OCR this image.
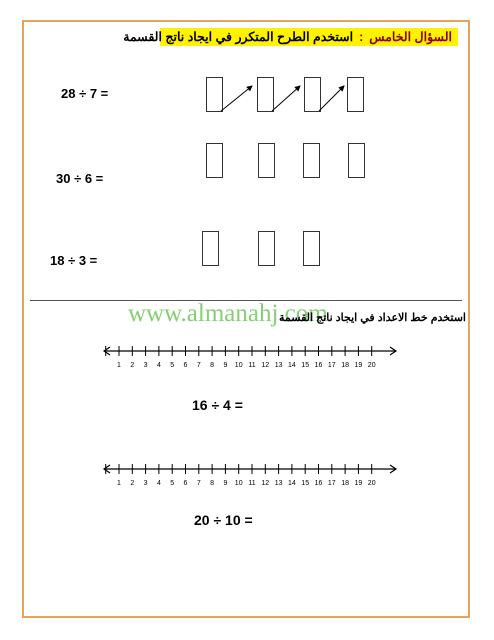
السؤال الخامس:استخدم الطرح المتكرر في ايجاد ناتج القسمة
28 ÷ 7 =
30 ÷ 6 =
18 ÷ 3 =
www.almanahj.com
استخدم خط الاعداد في ايجاد ناتج القسمة
1 2 3 4 5 6 7 8 9 10 11 12 13 14 15 16 17 18 19 20
1 2 3 4 5 6 7 8 9 10 11 12 13 14 15 16 17 18 19 20
16 ÷ 4 =
20 ÷ 10 =
